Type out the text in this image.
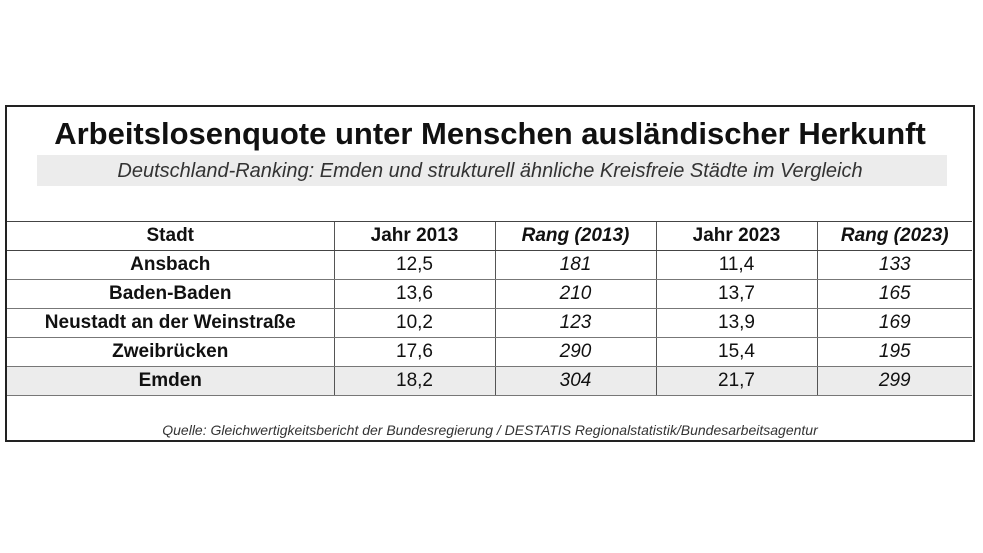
Arbeitslosenquote unter Menschen ausländischer Herkunft
Deutschland-Ranking: Emden und strukturell ähnliche Kreisfreie Städte im Vergleich
Stadt	Jahr 2013	Rang (2013)	Jahr 2023	Rang (2023)
Ansbach	12,5	181	11,4	133
Baden-Baden	13,6	210	13,7	165
Neustadt an der Weinstraße	10,2	123	13,9	169
Zweibrücken	17,6	290	15,4	195
Emden	18,2	304	21,7	299
Quelle: Gleichwertigkeitsbericht der Bundesregierung / DESTATIS Regionalstatistik/Bundesarbeitsagentur
